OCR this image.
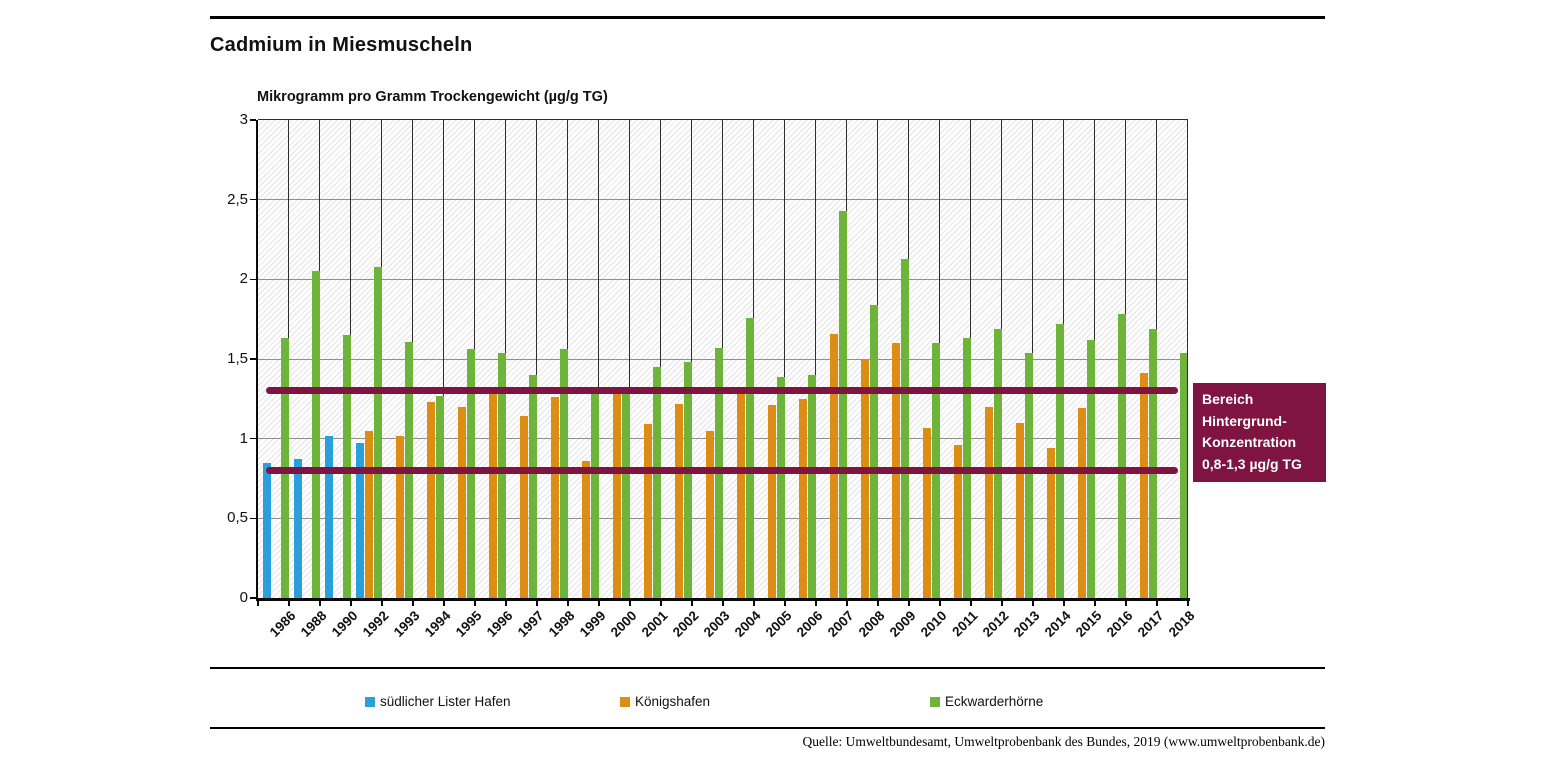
Cadmium in Miesmuscheln
Mikrogramm pro Gramm Trockengewicht (µg/g TG)
Bereich
Hintergrund-
Konzentration
0,8-1,3 µg/g TG
südlicher Lister Hafen	Königshafen	Eckwarderhörne
Quelle: Umweltbundesamt, Umweltprobenbank des Bundes, 2019 (www.umweltprobenbank.de)
0
0,5
1
1,5
2
2,5
3
1986 1988 1990 1992 1993 1994 1995 1996 1997 1998 1999 2000 2001 2002 2003 2004 2005 2006 2007 2008 2009 2010 2011 2012 2013 2014 2015 2016 2017 2018
